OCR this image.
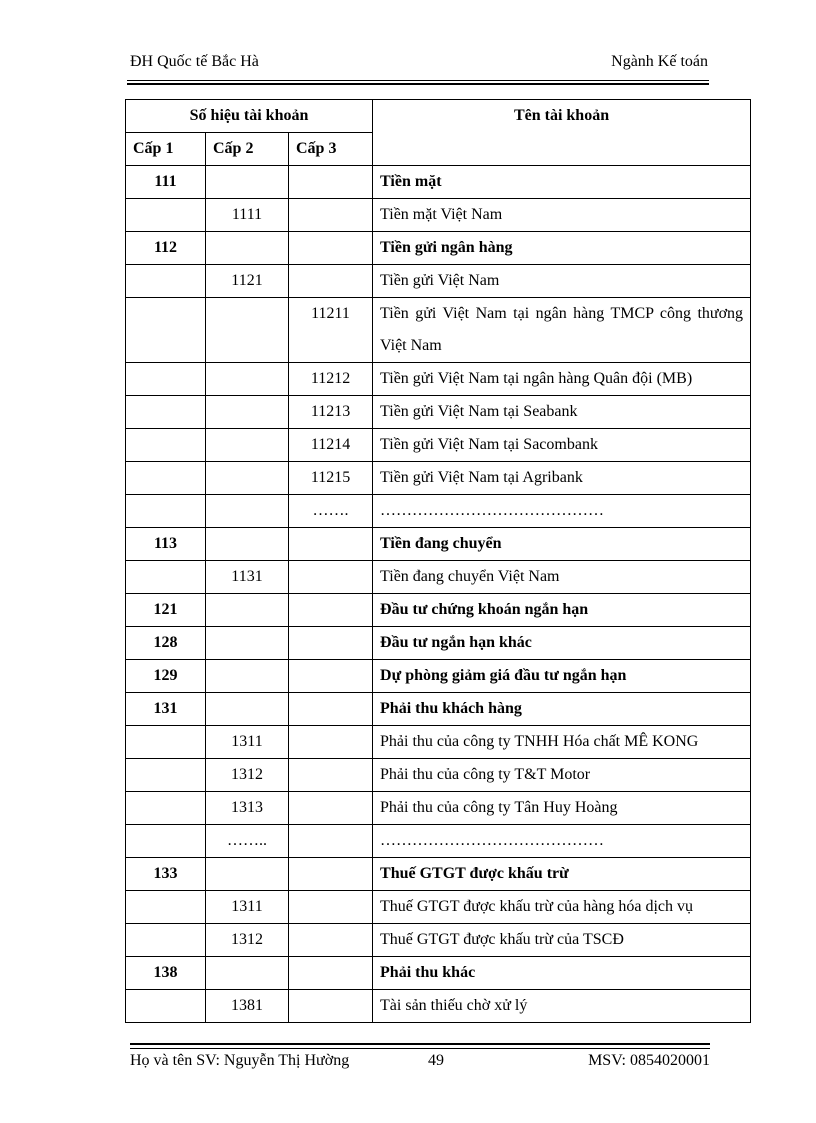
ĐH Quốc tế Bắc Hà	Ngành Kế toán
Số hiệu tài khoản			Tên tài khoản
Cấp 1	Cấp 2	Cấp 3	
111			Tiền mặt
	1111		Tiền mặt Việt Nam
112			Tiền gửi ngân hàng
	1121		Tiền gửi Việt Nam
		11211	Tiền gửi Việt Nam tại ngân hàng TMCP công thương Việt Nam
		11212	Tiền gửi Việt Nam tại ngân hàng Quân đội (MB)
		11213	Tiền gửi Việt Nam tại Seabank
		11214	Tiền gửi Việt Nam tại Sacombank
		11215	Tiền gửi Việt Nam tại Agribank
		…….	……………………………………
113			Tiền đang chuyển
	1131		Tiền đang chuyển Việt Nam
121			Đầu tư chứng khoán ngắn hạn
128			Đầu tư ngắn hạn khác
129			Dự phòng giảm giá đầu tư ngắn hạn
131			Phải thu khách hàng
	1311		Phải thu của công ty TNHH Hóa chất MÊ KONG
	1312		Phải thu của công ty T&T Motor
	1313		Phải thu của công ty Tân Huy Hoàng
	……..		……………………………………
133			Thuế GTGT được khấu trừ
	1311		Thuế GTGT được khấu trừ của hàng hóa dịch vụ
	1312		Thuế GTGT được khấu trừ của TSCĐ
138			Phải thu khác
	1381		Tài sản thiếu chờ xử lý
Họ và tên SV: Nguyễn Thị Hường	49	MSV: 0854020001
